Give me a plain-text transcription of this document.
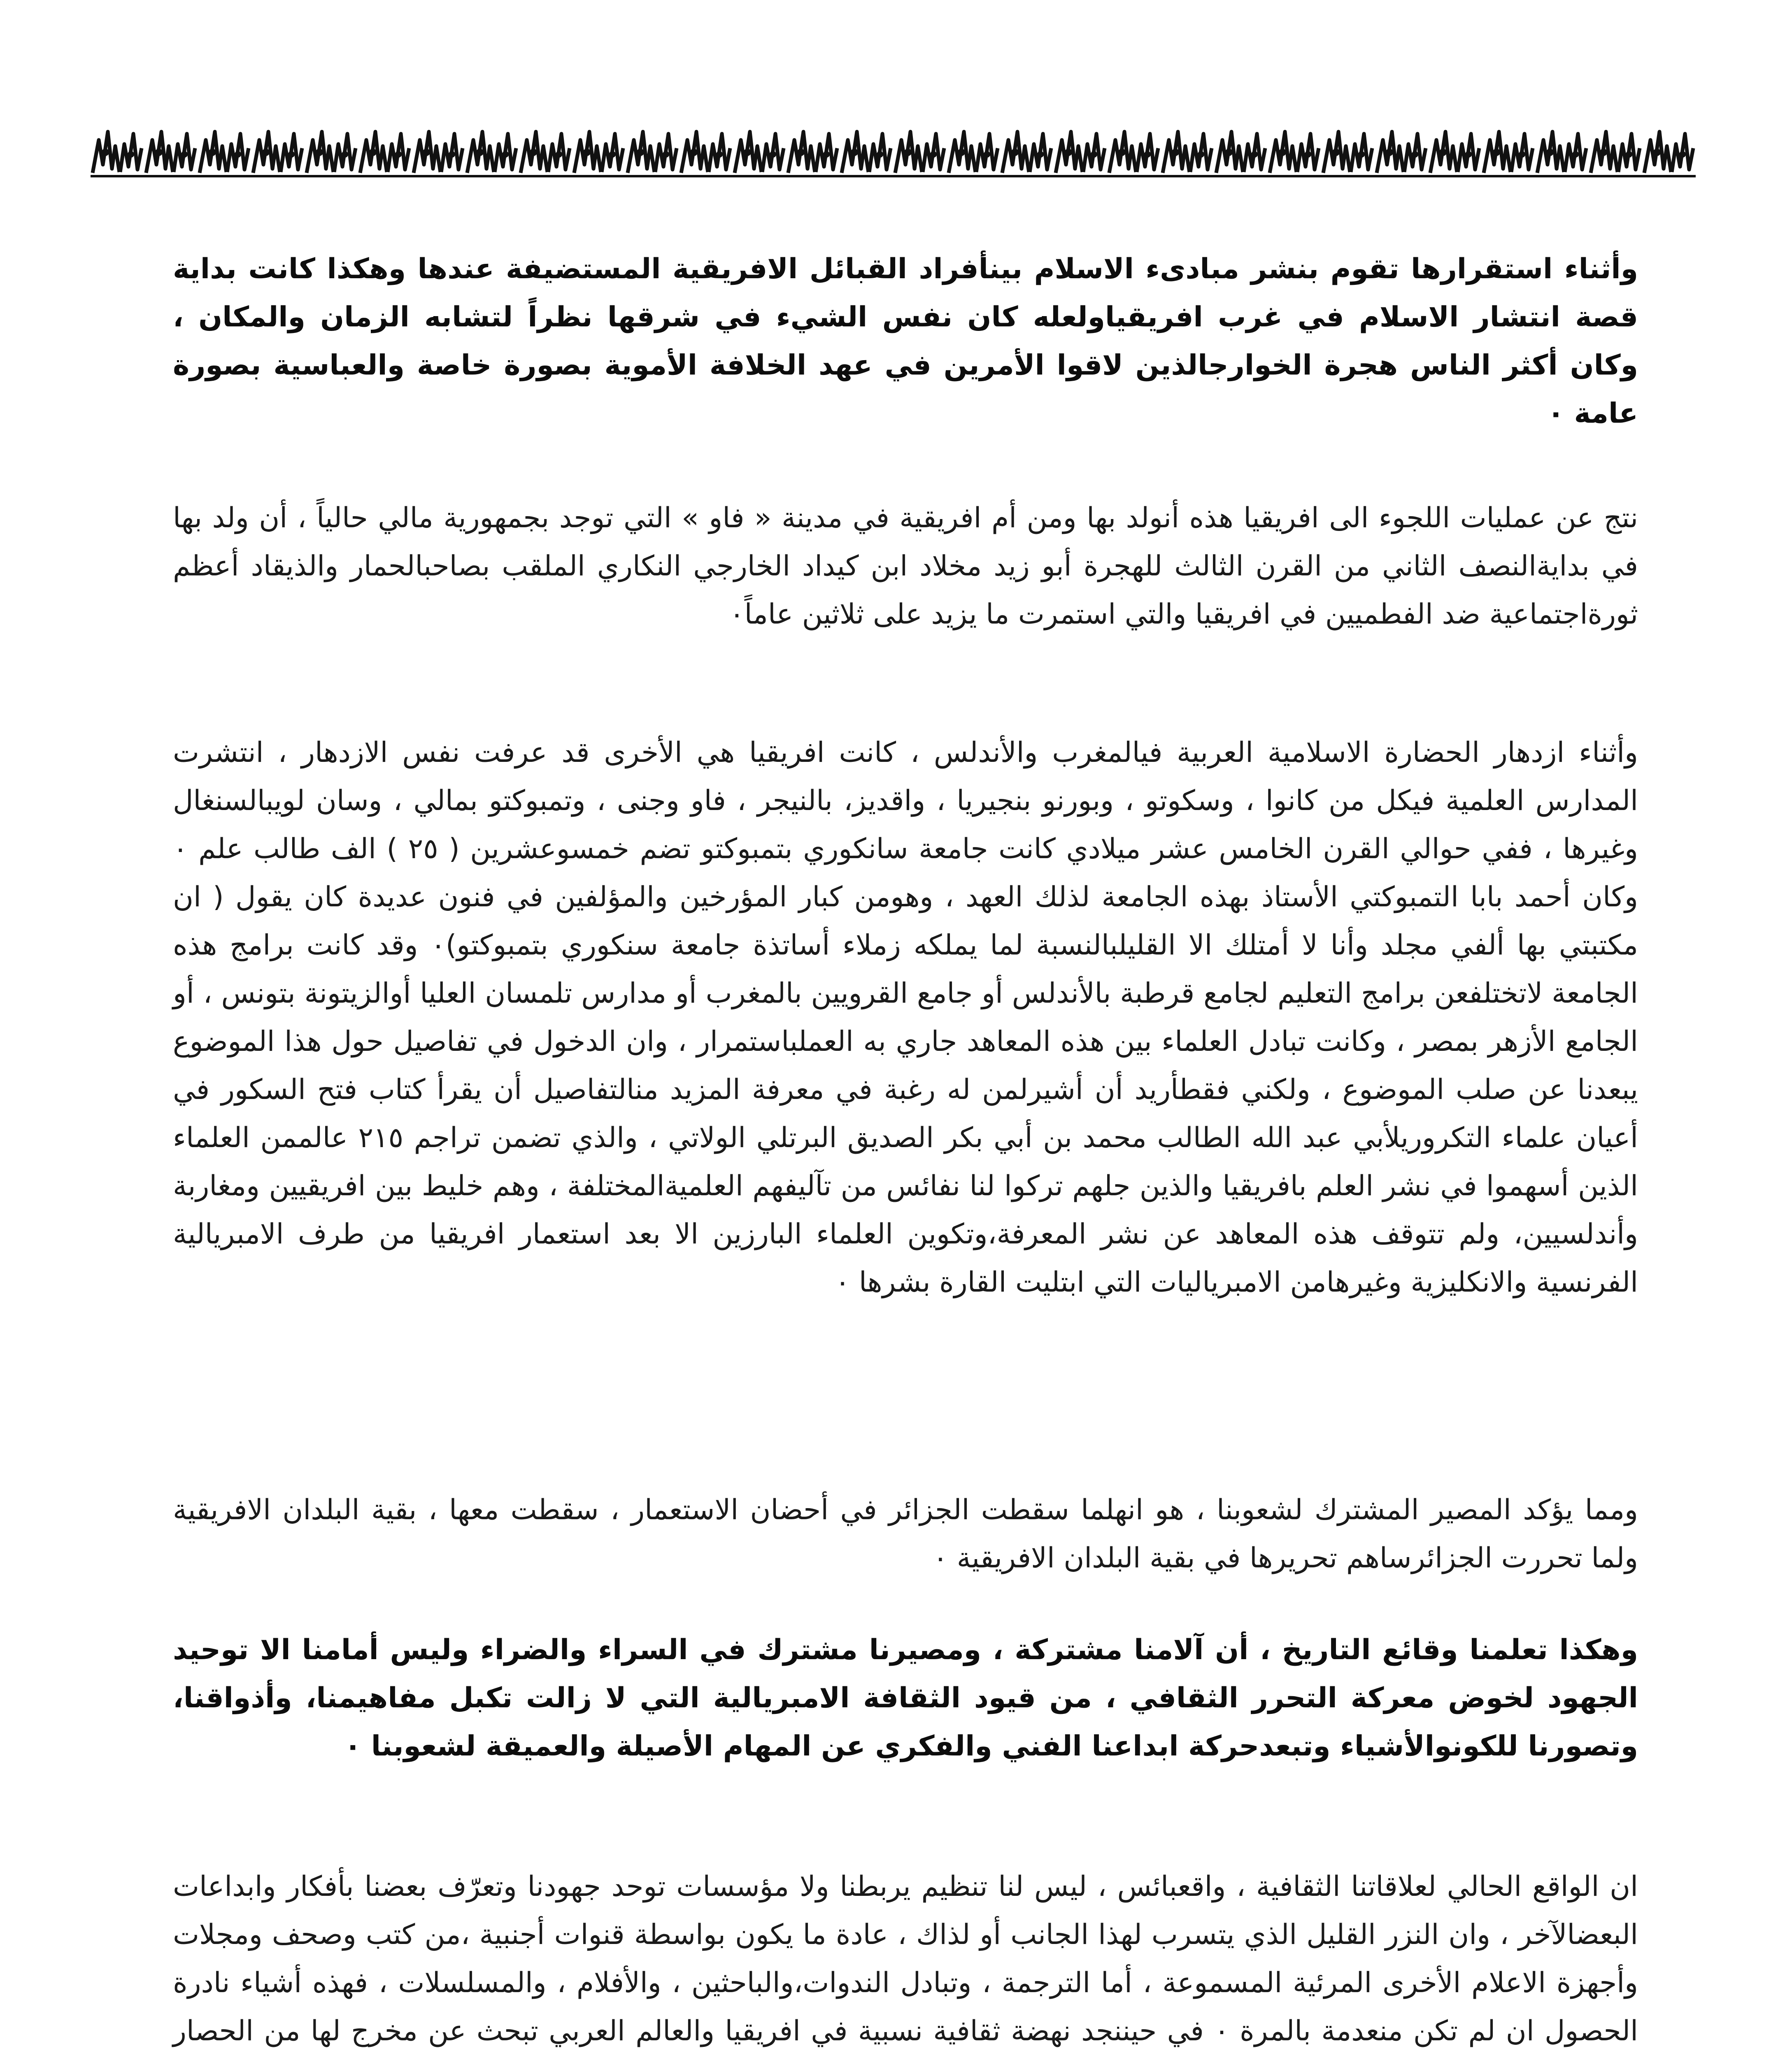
وأثناء استقرارها تقوم بنشر مبادىء الاسلام بينأفراد القبائل الافريقية المستضيفة عندها وهكذا كانت بداية قصة انتشار الاسلام في غرب افريقياولعله كان نفس الشيء في شرقها نظراً لتشابه الزمان والمكان ، وكان أكثر الناس هجرة الخوارجالذين لاقوا الأمرين في عهد الخلافة الأموية بصورة خاصة والعباسية بصورة عامة ٠

نتج عن عمليات اللجوء الى افريقيا هذه أنولد بها ومن أم افريقية في مدينة « فاو » التي توجد بجمهورية مالي حالياً ، أن ولد بها في بدايةالنصف الثاني من القرن الثالث للهجرة أبو زيد مخلاد ابن كيداد الخارجي النكاري الملقب بصاحبالحمار والذيقاد أعظم ثورةاجتماعية ضد الفطميين في افريقيا والتي استمرت ما يزيد على ثلاثين عاماً٠

وأثناء ازدهار الحضارة الاسلامية العربية فيالمغرب والأندلس ، كانت افريقيا هي الأخرى قد عرفت نفس الازدهار ، انتشرت المدارس العلمية فيكل من كانوا ، وسكوتو ، وبورنو بنجيريا ، واقديز، بالنيجر ، فاو وجنى ، وتمبوكتو بمالي ، وسان لويبالسنغال وغيرها ، ففي حوالي القرن الخامس عشر ميلادي كانت جامعة سانكوري بتمبوكتو تضم خمسوعشرين ( ٢٥ ) الف طالب علم ٠ وكان أحمد بابا التمبوكتي الأستاذ بهذه الجامعة لذلك العهد ، وهومن كبار المؤرخين والمؤلفين في فنون عديدة كان يقول ( ان مكتبتي بها ألفي مجلد وأنا لا أمتلك الا القليلبالنسبة لما يملكه زملاء أساتذة جامعة سنكوري بتمبوكتو)٠ وقد كانت برامج هذه الجامعة لاتختلفعن برامج التعليم لجامع قرطبة بالأندلس أو جامع القرويين بالمغرب أو مدارس تلمسان العليا أوالزيتونة بتونس ، أو الجامع الأزهر بمصر ، وكانت تبادل العلماء بين هذه المعاهد جاري به العملباستمرار ، وان الدخول في تفاصيل حول هذا الموضوع يبعدنا عن صلب الموضوع ، ولكني فقطأريد أن أشيرلمن له رغبة في معرفة المزيد منالتفاصيل أن يقرأ كتاب فتح السكور في أعيان علماء التكروريلأبي عبد الله الطالب محمد بن أبي بكر الصديق البرتلي الولاتي ، والذي تضمن تراجم ٢١٥ عالممن العلماء الذين أسهموا في نشر العلم بافريقيا والذين جلهم تركوا لنا نفائس من تآليفهم العلميةالمختلفة ، وهم خليط بين افريقيين ومغاربة وأندلسيين، ولم تتوقف هذه المعاهد عن نشر المعرفة،وتكوين العلماء البارزين الا بعد استعمار افريقيا من طرف الامبريالية الفرنسية والانكليزية وغيرهامن الامبرياليات التي ابتليت القارة بشرها ٠

ومما يؤكد المصير المشترك لشعوبنا ، هو انهلما سقطت الجزائر في أحضان الاستعمار ، سقطت معها ، بقية البلدان الافريقية ولما تحررت الجزائرساهم تحريرها في بقية البلدان الافريقية ٠

وهكذا تعلمنا وقائع التاريخ ، أن آلامنا مشتركة ، ومصيرنا مشترك في السراء والضراء وليس أمامنا الا توحيد الجهود لخوض معركة التحرر الثقافي ، من قيود الثقافة الامبريالية التي لا زالت تكبل مفاهيمنا، وأذواقنا، وتصورنا للكونوالأشياء وتبعدحركة ابداعنا الفني والفكري عن المهام الأصيلة والعميقة لشعوبنا ٠

ان الواقع الحالي لعلاقاتنا الثقافية ، واقعبائس ، ليس لنا تنظيم يربطنا ولا مؤسسات توحد جهودنا وتعرّف بعضنا بأفكار وابداعات البعضالآخر ، وان النزر القليل الذي يتسرب لهذا الجانب أو لذاك ، عادة ما يكون بواسطة قنوات أجنبية ،من كتب وصحف ومجلات وأجهزة الاعلام الأخرى المرئية المسموعة ، أما الترجمة ، وتبادل الندوات،والباحثين ، والأفلام ، والمسلسلات ، فهذه أشياء نادرة الحصول ان لم تكن منعدمة بالمرة ٠ في حيننجد نهضة ثقافية نسبية في افريقيا والعالم العربي تبحث عن مخرج لها من الحصار
